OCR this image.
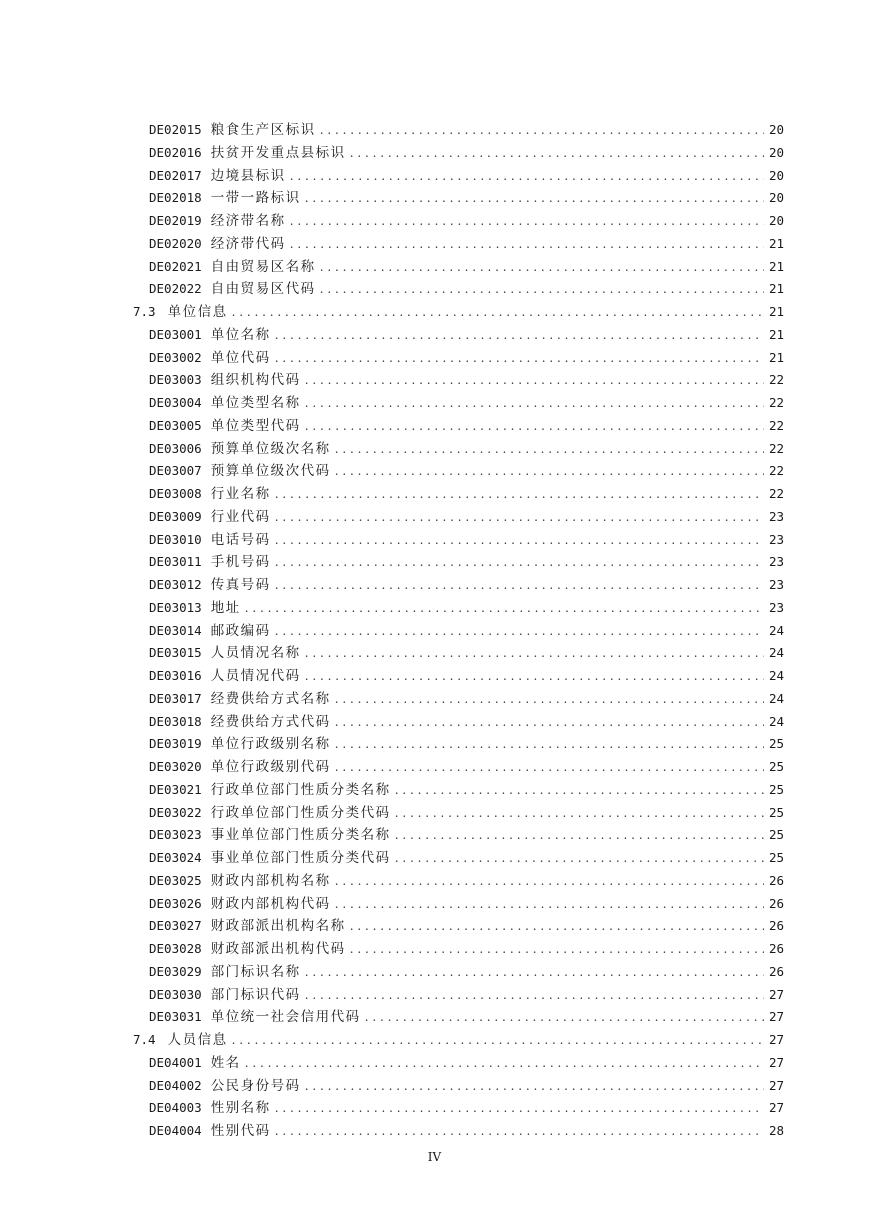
DE02015 粮食生产区标识 . . .	20
DE02016 扶贫开发重点县标识 . . .	20
DE02017 边境县标识 . . .	20
DE02018 一带一路标识 . . .	20
DE02019 经济带名称 . . .	20
DE02020 经济带代码 . . .	21
DE02021 自由贸易区名称 . . .	21
DE02022 自由贸易区代码 . . .	21
7.3 单位信息 . . .	21
DE03001 单位名称 . . .	21
DE03002 单位代码 . . .	21
DE03003 组织机构代码 . . .	22
DE03004 单位类型名称 . . .	22
DE03005 单位类型代码 . . .	22
DE03006 预算单位级次名称 . . .	22
DE03007 预算单位级次代码 . . .	22
DE03008 行业名称 . . .	22
DE03009 行业代码 . . .	23
DE03010 电话号码 . . .	23
DE03011 手机号码 . . .	23
DE03012 传真号码 . . .	23
DE03013 地址 . . .	23
DE03014 邮政编码 . . .	24
DE03015 人员情况名称 . . .	24
DE03016 人员情况代码 . . .	24
DE03017 经费供给方式名称 . . .	24
DE03018 经费供给方式代码 . . .	24
DE03019 单位行政级别名称 . . .	25
DE03020 单位行政级别代码 . . .	25
DE03021 行政单位部门性质分类名称 . . .	25
DE03022 行政单位部门性质分类代码 . . .	25
DE03023 事业单位部门性质分类名称 . . .	25
DE03024 事业单位部门性质分类代码 . . .	25
DE03025 财政内部机构名称 . . .	26
DE03026 财政内部机构代码 . . .	26
DE03027 财政部派出机构名称 . . .	26
DE03028 财政部派出机构代码 . . .	26
DE03029 部门标识名称 . . .	26
DE03030 部门标识代码 . . .	27
DE03031 单位统一社会信用代码 . . .	27
7.4 人员信息 . . .	27
DE04001 姓名 . . .	27
DE04002 公民身份号码 . . .	27
DE04003 性别名称 . . .	27
DE04004 性别代码 . . .	28
IV
